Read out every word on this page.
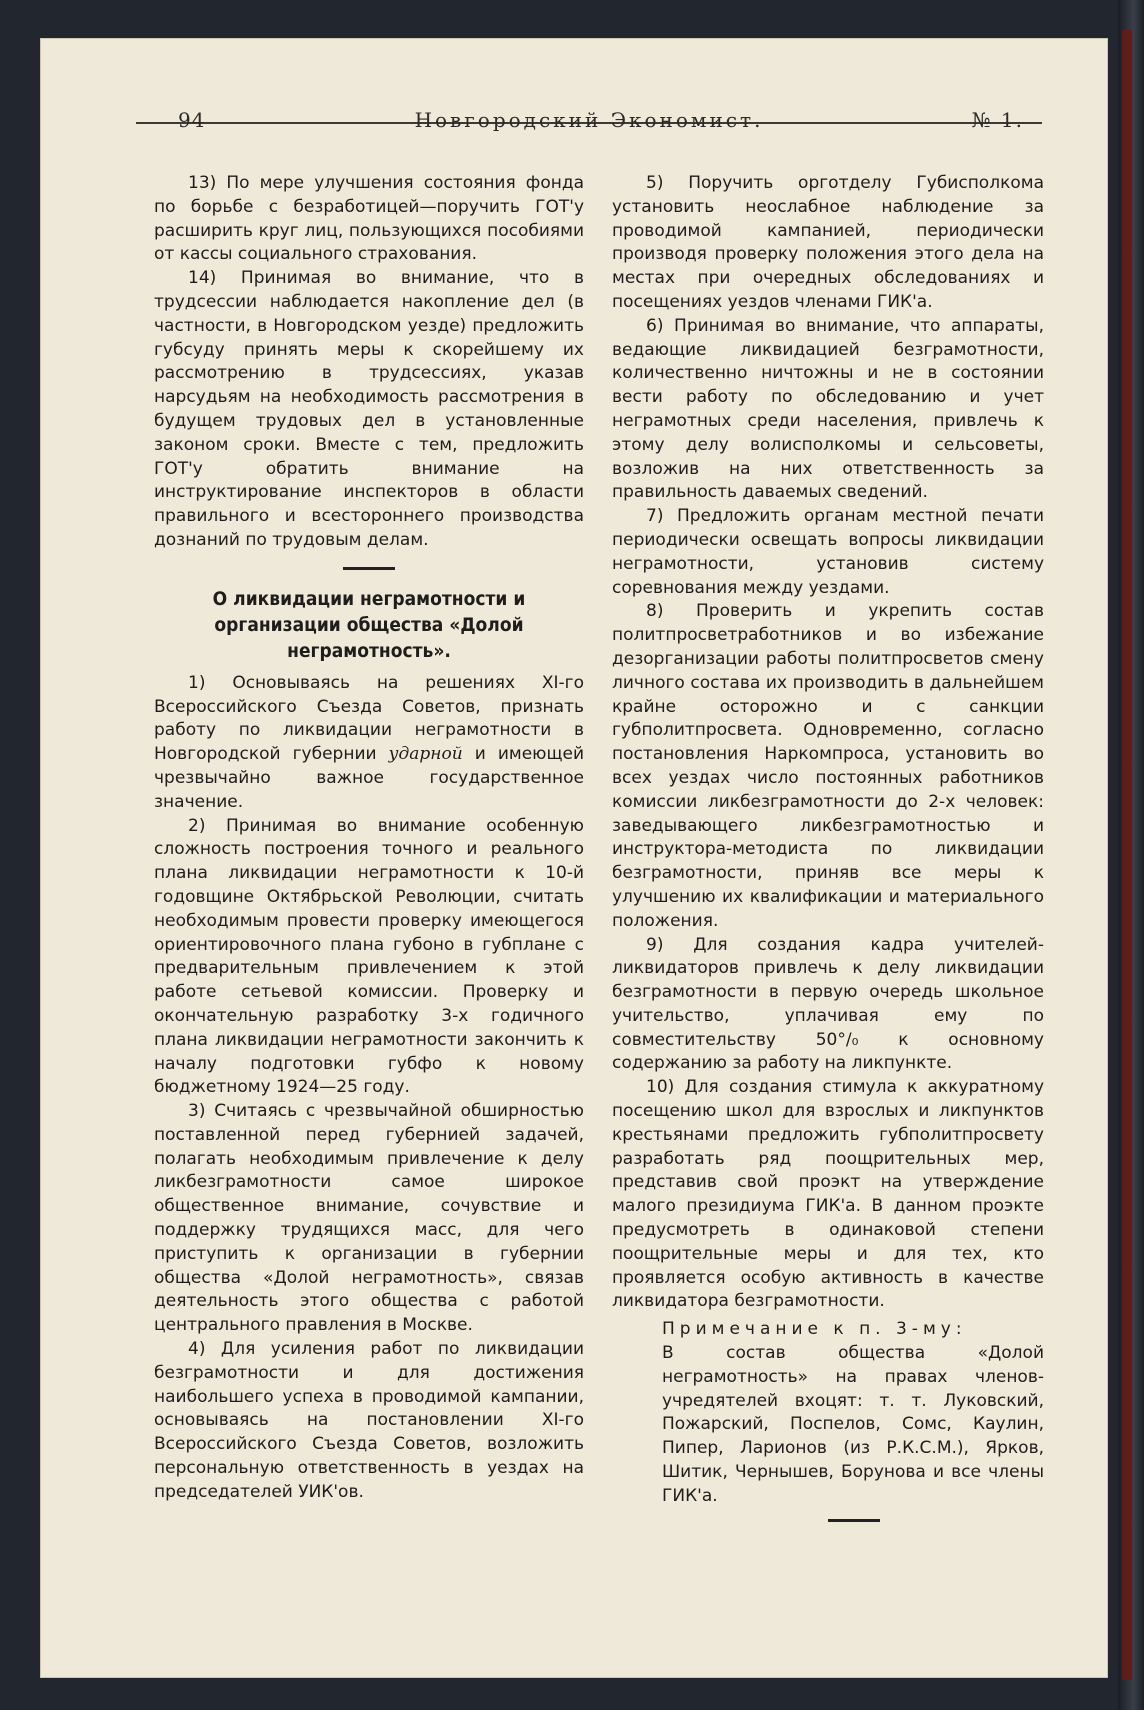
94	Новгородский Экономист.	№ 1.

13) По мере улучшения состояния фонда по борьбе с безработицей—поручить ГОТ'у расширить круг лиц, пользующихся пособиями от кассы социального страхования.

14) Принимая во внимание, что в трудсессии наблюдается накопление дел (в частности, в Новгородском уезде) предложить губсуду принять меры к скорейшему их рассмотрению в трудсессиях, указав нарсудьям на необходимость рассмотрения в будущем трудовых дел в установленные законом сроки. Вместе с тем, предложить ГОТ'у обратить внимание на инструктирование инспекторов в области правильного и всестороннего производства дознаний по трудовым делам.

О ликвидации неграмотности и организации общества «Долой неграмотность».

1) Основываясь на решениях XI-го Всероссийского Съезда Советов, признать работу по ликвидации неграмотности в Новгородской губернии ударной и имеющей чрезвычайно важное государственное значение.

2) Принимая во внимание особенную сложность построения точного и реального плана ликвидации неграмотности к 10-й годовщине Октябрьской Революции, считать необходимым провести проверку имеющегося ориентировочного плана губоно в губплане с предварительным привлечением к этой работе сетьевой комиссии. Проверку и окончательную разработку 3-х годичного плана ликвидации неграмотности закончить к началу подготовки губфо к новому бюджетному 1924—25 году.

3) Считаясь с чрезвычайной обширностью поставленной перед губернией задачей, полагать необходимым привлечение к делу ликбезграмотности самое широкое общественное внимание, сочувствие и поддержку трудящихся масс, для чего приступить к организации в губернии общества «Долой неграмотность», связав деятельность этого общества с работой центрального правления в Москве.

4) Для усиления работ по ликвидации безграмотности и для достижения наибольшего успеха в проводимой кампании, основываясь на постановлении XI-го Всероссийского Съезда Советов, возложить персональную ответственность в уездах на председателей УИК'ов.

5) Поручить орготделу Губисполкома установить неослабное наблюдение за проводимой кампанией, периодически производя проверку положения этого дела на местах при очередных обследованиях и посещениях уездов членами ГИК'а.

6) Принимая во внимание, что аппараты, ведающие ликвидацией безграмотности, количественно ничтожны и не в состоянии вести работу по обследованию и учет неграмотных среди населения, привлечь к этому делу волисполкомы и сельсоветы, возложив на них ответственность за правильность даваемых сведений.

7) Предложить органам местной печати периодически освещать вопросы ликвидации неграмотности, установив систему соревнования между уездами.

8) Проверить и укрепить состав политпросветработников и во избежание дезорганизации работы политпросветов смену личного состава их производить в дальнейшем крайне осторожно и с санкции губполитпросвета. Одновременно, согласно постановления Наркомпроса, установить во всех уездах число постоянных работников комиссии ликбезграмотности до 2-х человек: заведывающего ликбезграмотностью и инструктора-методиста по ликвидации безграмотности, приняв все меры к улучшению их квалификации и материального положения.

9) Для создания кадра учителей-ликвидаторов привлечь к делу ликвидации безграмотности в первую очередь школьное учительство, уплачивая ему по совместительству 50°/₀ к основному содержанию за работу на ликпункте.

10) Для создания стимула к аккуратному посещению школ для взрослых и ликпунктов крестьянами предложить губполитпросвету разработать ряд поощрительных мер, представив свой проэкт на утверждение малого президиума ГИК'а. В данном проэкте предусмотреть в одинаковой степени поощрительные меры и для тех, кто проявляется особую активность в качестве ликвидатора безграмотности.

Примечание к п. 3-му:

В состав общества «Долой неграмотность» на правах членов-учредятелей вхоцят: т. т. Луковский, Пожарский, Поспелов, Сомс, Каулин, Пипер, Ларионов (из Р.К.С.М.), Ярков, Шитик, Чернышев, Борунова и все члены ГИК'а.
